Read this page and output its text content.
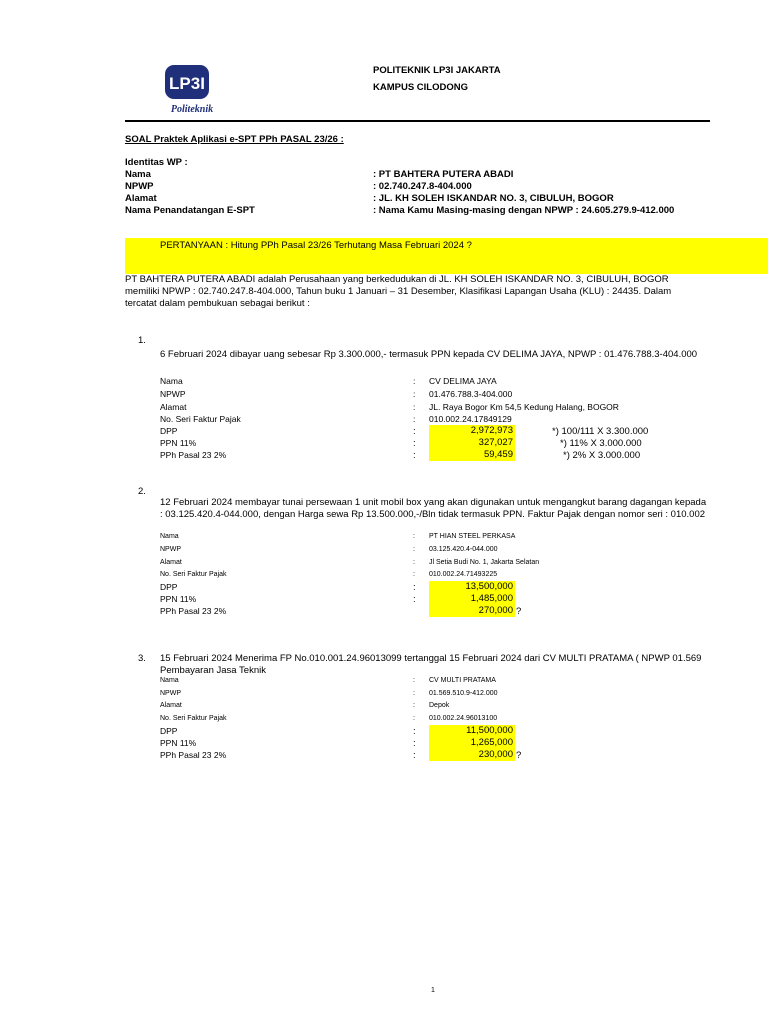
LP3I
Politeknik
POLITEKNIK LP3I JAKARTA
KAMPUS CILODONG
SOAL Praktek Aplikasi e-SPT PPh PASAL 23/26 :
Identitas WP :
Nama	: PT BAHTERA PUTERA ABADI
NPWP	: 02.740.247.8-404.000
Alamat	: JL. KH SOLEH ISKANDAR NO. 3, CIBULUH, BOGOR
Nama Penandatangan E-SPT	: Nama Kamu Masing-masing dengan NPWP : 24.605.279.9-412.000
PERTANYAAN : Hitung PPh Pasal 23/26 Terhutang Masa Februari 2024 ?
PT BAHTERA PUTERA ABADI adalah Perusahaan yang berkedudukan di JL. KH SOLEH ISKANDAR NO. 3, CIBULUH, BOGOR
memiliki NPWP : 02.740.247.8-404.000, Tahun buku 1 Januari – 31 Desember, Klasifikasi Lapangan Usaha (KLU) : 24435. Dalam
tercatat dalam pembukuan sebagai berikut :
1.
6 Februari 2024 dibayar uang sebesar Rp 3.300.000,- termasuk PPN kepada CV DELIMA JAYA, NPWP : 01.476.788.3-404.000
Nama	: CV DELIMA JAYA
NPWP	: 01.476.788.3-404.000
Alamat	: JL. Raya Bogor Km 54,5 Kedung Halang, BOGOR
No. Seri Faktur Pajak	: 010.002.24.17849129
DPP	:	2,972,973	*) 100/111 X 3.300.000
PPN 11%	:	327,027	*) 11% X 3.000.000
PPh Pasal 23 2%	:	59,459	*) 2% X 3.000.000
2.
12 Februari 2024 membayar tunai persewaan 1 unit mobil box yang akan digunakan untuk mengangkut barang dagangan kepada
: 03.125.420.4-044.000, dengan Harga sewa Rp 13.500.000,-/Bln tidak termasuk PPN. Faktur Pajak dengan nomor seri : 010.002
Nama	: PT HIAN STEEL PERKASA
NPWP	: 03.125.420.4-044.000
Alamat	: Jl Setia Budi No. 1, Jakarta Selatan
No. Seri Faktur Pajak	: 010.002.24.71493225
DPP	:	13,500,000
PPN 11%	:	1,485,000
PPh Pasal 23 2%	270,000 ?
3. 15 Februari 2024 Menerima FP No.010.001.24.96013099 tertanggal 15 Februari 2024 dari CV MULTI PRATAMA ( NPWP 01.569
Pembayaran Jasa Teknik
Nama	: CV MULTI PRATAMA
NPWP	: 01.569.510.9-412.000
Alamat	: Depok
No. Seri Faktur Pajak	: 010.002.24.96013100
DPP	:	11,500,000
PPN 11%	:	1,265,000
PPh Pasal 23 2%	:	230,000 ?
1
